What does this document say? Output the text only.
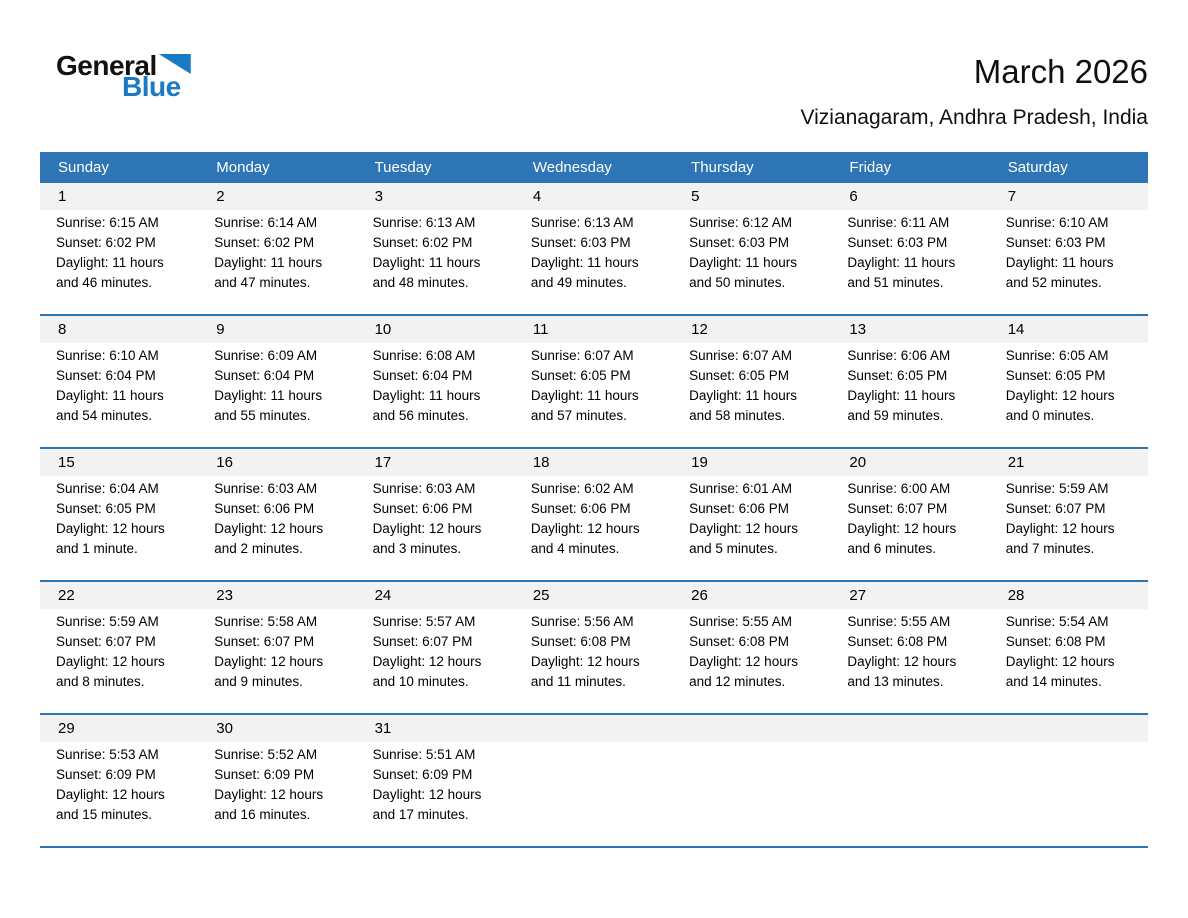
General
Blue	March 2026
Vizianagaram, Andhra Pradesh, India
Sunday	Monday	Tuesday	Wednesday	Thursday	Friday	Saturday
1	2	3	4	5	6	7
Sunrise: 6:15 AM
Sunset: 6:02 PM
Daylight: 11 hours
and 46 minutes.
Sunrise: 6:14 AM
Sunset: 6:02 PM
Daylight: 11 hours
and 47 minutes.
Sunrise: 6:13 AM
Sunset: 6:02 PM
Daylight: 11 hours
and 48 minutes.
Sunrise: 6:13 AM
Sunset: 6:03 PM
Daylight: 11 hours
and 49 minutes.
Sunrise: 6:12 AM
Sunset: 6:03 PM
Daylight: 11 hours
and 50 minutes.
Sunrise: 6:11 AM
Sunset: 6:03 PM
Daylight: 11 hours
and 51 minutes.
Sunrise: 6:10 AM
Sunset: 6:03 PM
Daylight: 11 hours
and 52 minutes.
8	9	10	11	12	13	14
Sunrise: 6:10 AM
Sunset: 6:04 PM
Daylight: 11 hours
and 54 minutes.
Sunrise: 6:09 AM
Sunset: 6:04 PM
Daylight: 11 hours
and 55 minutes.
Sunrise: 6:08 AM
Sunset: 6:04 PM
Daylight: 11 hours
and 56 minutes.
Sunrise: 6:07 AM
Sunset: 6:05 PM
Daylight: 11 hours
and 57 minutes.
Sunrise: 6:07 AM
Sunset: 6:05 PM
Daylight: 11 hours
and 58 minutes.
Sunrise: 6:06 AM
Sunset: 6:05 PM
Daylight: 11 hours
and 59 minutes.
Sunrise: 6:05 AM
Sunset: 6:05 PM
Daylight: 12 hours
and 0 minutes.
15	16	17	18	19	20	21
Sunrise: 6:04 AM
Sunset: 6:05 PM
Daylight: 12 hours
and 1 minute.
Sunrise: 6:03 AM
Sunset: 6:06 PM
Daylight: 12 hours
and 2 minutes.
Sunrise: 6:03 AM
Sunset: 6:06 PM
Daylight: 12 hours
and 3 minutes.
Sunrise: 6:02 AM
Sunset: 6:06 PM
Daylight: 12 hours
and 4 minutes.
Sunrise: 6:01 AM
Sunset: 6:06 PM
Daylight: 12 hours
and 5 minutes.
Sunrise: 6:00 AM
Sunset: 6:07 PM
Daylight: 12 hours
and 6 minutes.
Sunrise: 5:59 AM
Sunset: 6:07 PM
Daylight: 12 hours
and 7 minutes.
22	23	24	25	26	27	28
Sunrise: 5:59 AM
Sunset: 6:07 PM
Daylight: 12 hours
and 8 minutes.
Sunrise: 5:58 AM
Sunset: 6:07 PM
Daylight: 12 hours
and 9 minutes.
Sunrise: 5:57 AM
Sunset: 6:07 PM
Daylight: 12 hours
and 10 minutes.
Sunrise: 5:56 AM
Sunset: 6:08 PM
Daylight: 12 hours
and 11 minutes.
Sunrise: 5:55 AM
Sunset: 6:08 PM
Daylight: 12 hours
and 12 minutes.
Sunrise: 5:55 AM
Sunset: 6:08 PM
Daylight: 12 hours
and 13 minutes.
Sunrise: 5:54 AM
Sunset: 6:08 PM
Daylight: 12 hours
and 14 minutes.
29	30	31
Sunrise: 5:53 AM
Sunset: 6:09 PM
Daylight: 12 hours
and 15 minutes.
Sunrise: 5:52 AM
Sunset: 6:09 PM
Daylight: 12 hours
and 16 minutes.
Sunrise: 5:51 AM
Sunset: 6:09 PM
Daylight: 12 hours
and 17 minutes.
